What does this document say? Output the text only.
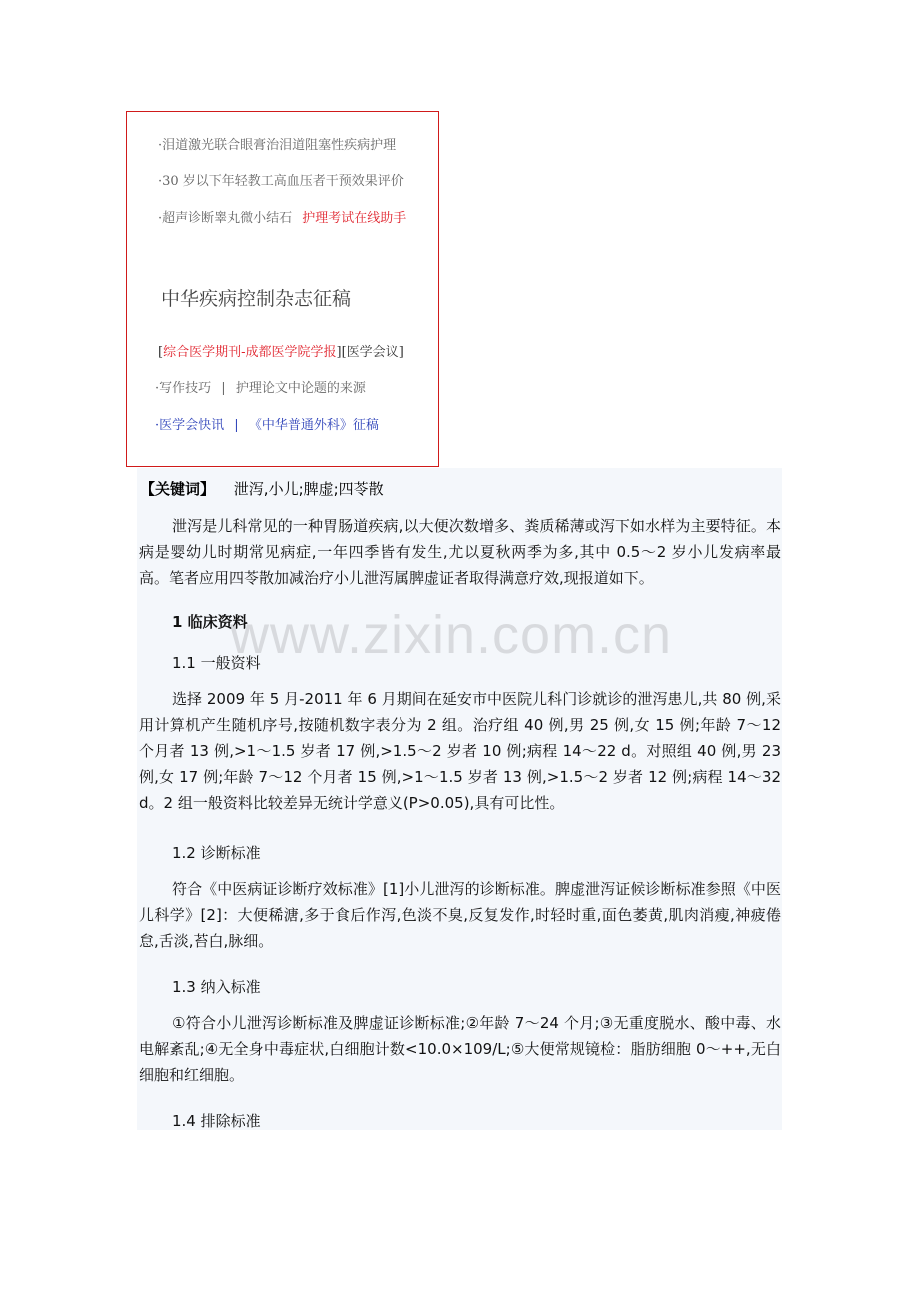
·泪道激光联合眼膏治泪道阻塞性疾病护理
·30 岁以下年轻教工高血压者干预效果评价
·超声诊断睾丸微小结石 护理考试在线助手
中华疾病控制杂志征稿
[综合医学期刊-成都医学院学报][医学会议]
·写作技巧 | 护理论文中论题的来源
·医学会快讯 | 《中华普通外科》征稿

【关键词】 泄泻,小儿;脾虚;四苓散

泄泻是儿科常见的一种胃肠道疾病,以大便次数增多、粪质稀薄或泻下如水样为主要特征。本病是婴幼儿时期常见病症,一年四季皆有发生,尤以夏秋两季为多,其中 0.5～2 岁小儿发病率最高。笔者应用四苓散加减治疗小儿泄泻属脾虚证者取得满意疗效,现报道如下。

1 临床资料

1.1 一般资料

选择 2009 年 5 月-2011 年 6 月期间在延安市中医院儿科门诊就诊的泄泻患儿,共 80 例,采用计算机产生随机序号,按随机数字表分为 2 组。治疗组 40 例,男 25 例,女 15 例;年龄 7～12 个月者 13 例,>1～1.5 岁者 17 例,>1.5～2 岁者 10 例;病程 14～22 d。对照组 40 例,男 23 例,女 17 例;年龄 7～12 个月者 15 例,>1～1.5 岁者 13 例,>1.5～2 岁者 12 例;病程 14～32 d。2 组一般资料比较差异无统计学意义(P>0.05),具有可比性。

1.2 诊断标准

符合《中医病证诊断疗效标准》[1]小儿泄泻的诊断标准。脾虚泄泻证候诊断标准参照《中医儿科学》[2]：大便稀溏,多于食后作泻,色淡不臭,反复发作,时轻时重,面色萎黄,肌肉消瘦,神疲倦怠,舌淡,苔白,脉细。

1.3 纳入标准

①符合小儿泄泻诊断标准及脾虚证诊断标准;②年龄 7～24 个月;③无重度脱水、酸中毒、水电解紊乱;④无全身中毒症状,白细胞计数<10.0×109/L;⑤大便常规镜检：脂肪细胞 0～++,无白细胞和红细胞。

1.4 排除标准

www.zixin.com.cn
